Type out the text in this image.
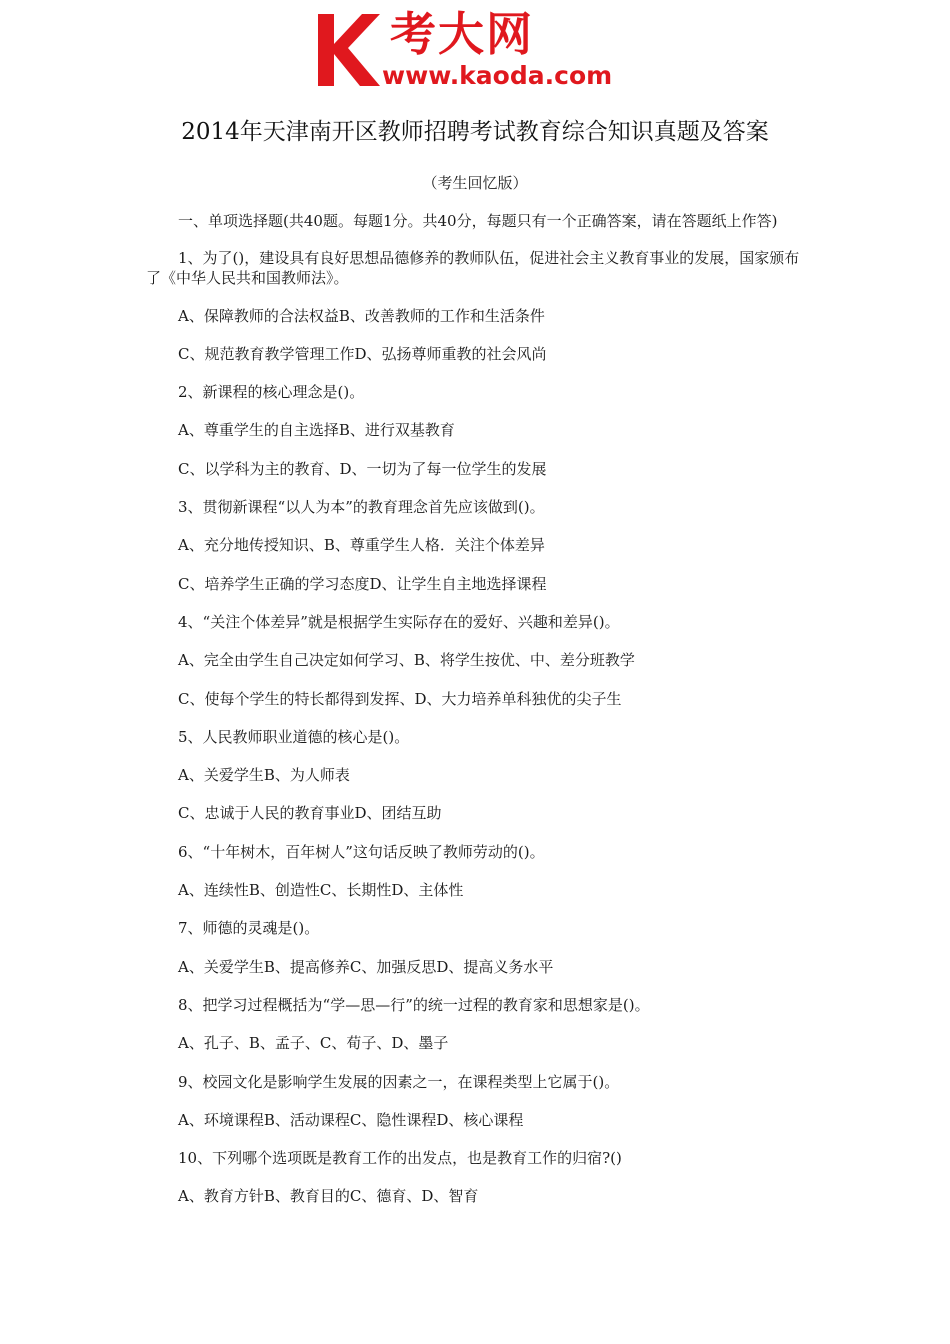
考大网
www.kaoda.com
2014年天津南开区教师招聘考试教育综合知识真题及答案
（考生回忆版）

一、单项选择题(共40题。每题1分。共40分，每题只有一个正确答案，请在答题纸上作答)

1、为了()，建设具有良好思想品德修养的教师队伍，促进社会主义教育事业的发展，国家颁布了《中华人民共和国教师法》。

A、保障教师的合法权益B、改善教师的工作和生活条件

C、规范教育教学管理工作D、弘扬尊师重教的社会风尚

2、新课程的核心理念是()。

A、尊重学生的自主选择B、进行双基教育

C、以学科为主的教育、D、一切为了每一位学生的发展

3、贯彻新课程“以人为本”的教育理念首先应该做到()。

A、充分地传授知识、B、尊重学生人格．关注个体差异

C、培养学生正确的学习态度D、让学生自主地选择课程

4、“关注个体差异”就是根据学生实际存在的爱好、兴趣和差异()。

A、完全由学生自己决定如何学习、B、将学生按优、中、差分班教学

C、使每个学生的特长都得到发挥、D、大力培养单科独优的尖子生

5、人民教师职业道德的核心是()。

A、关爱学生B、为人师表

C、忠诚于人民的教育事业D、团结互助

6、“十年树木，百年树人”这句话反映了教师劳动的()。

A、连续性B、创造性C、长期性D、主体性

7、师德的灵魂是()。

A、关爱学生B、提高修养C、加强反思D、提高义务水平

8、把学习过程概括为“学—思—行”的统一过程的教育家和思想家是()。

A、孔子、B、孟子、C、荀子、D、墨子

9、校园文化是影响学生发展的因素之一，在课程类型上它属于()。

A、环境课程B、活动课程C、隐性课程D、核心课程

10、下列哪个选项既是教育工作的出发点，也是教育工作的归宿?()

A、教育方针B、教育目的C、德育、D、智育
